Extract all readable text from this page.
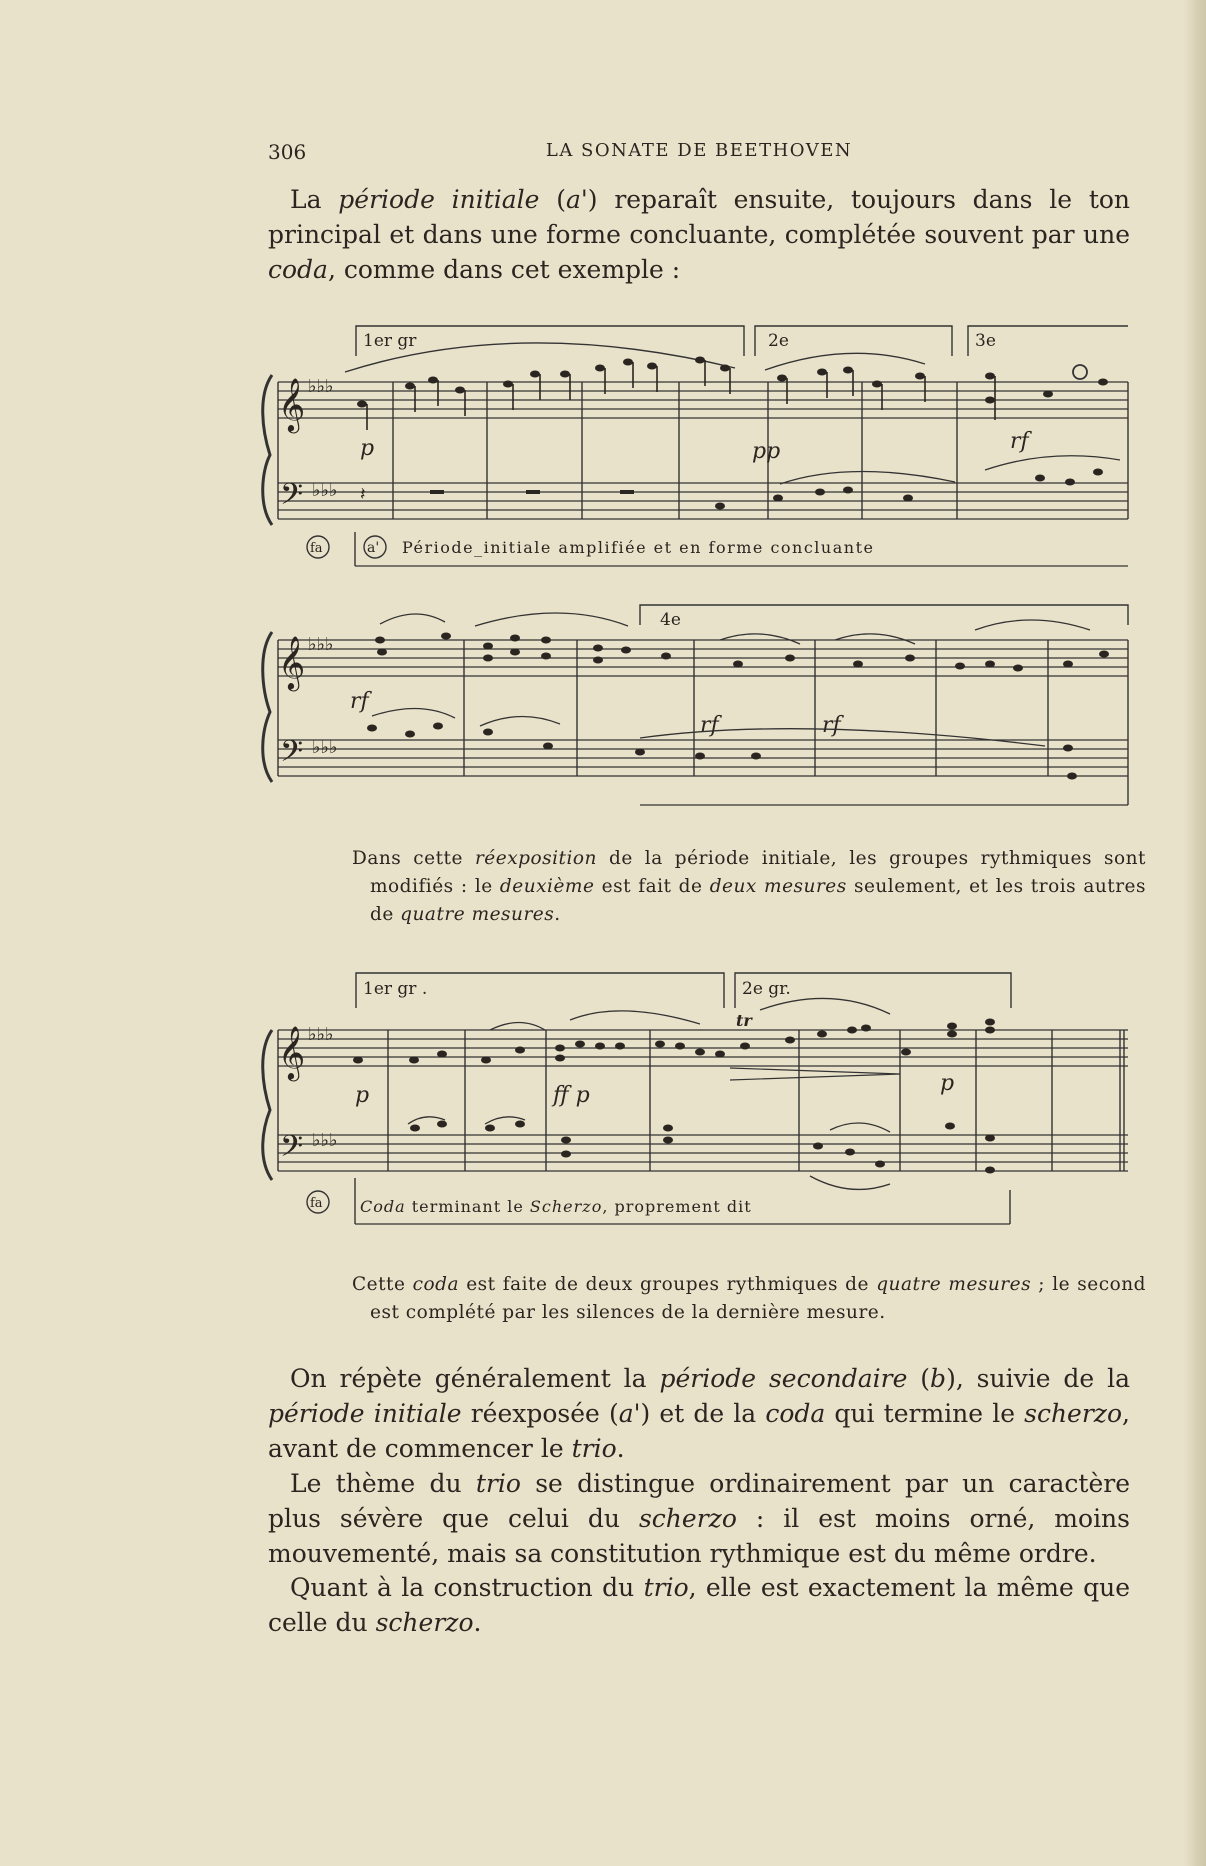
306	LA SONATE DE BEETHOVEN

La période initiale (a') reparaît ensuite, toujours dans le ton principal et dans une forme concluante, complétée souvent par une coda, comme dans cet exemple :

1er gr	2e	3e
𝄞
𝄢
♭♭♭
♭♭♭
p	pp	rf
𝄽
fa	a' Période_initiale amplifiée et en forme concluante
4e
𝄞
𝄢
♭♭♭
♭♭♭
rf
rf	rf
1er gr .	2e gr.
𝄞
𝄢
♭♭♭
♭♭♭
p	ff p	p
tr
fa Coda terminant le Scherzo, proprement dit

Dans cette réexposition de la période initiale, les groupes rythmiques sont modifiés : le deuxième est fait de deux mesures seulement, et les trois autres de quatre mesures.

Cette coda est faite de deux groupes rythmiques de quatre mesures ; le second est complété par les silences de la dernière mesure.

On répète généralement la période secondaire (b), suivie de la période initiale réexposée (a') et de la coda qui termine le scherzo, avant de commencer le trio.

Le thème du trio se distingue ordinairement par un caractère plus sévère que celui du scherzo : il est moins orné, moins mouvementé, mais sa constitution rythmique est du même ordre.

Quant à la construction du trio, elle est exactement la même que celle du scherzo.
